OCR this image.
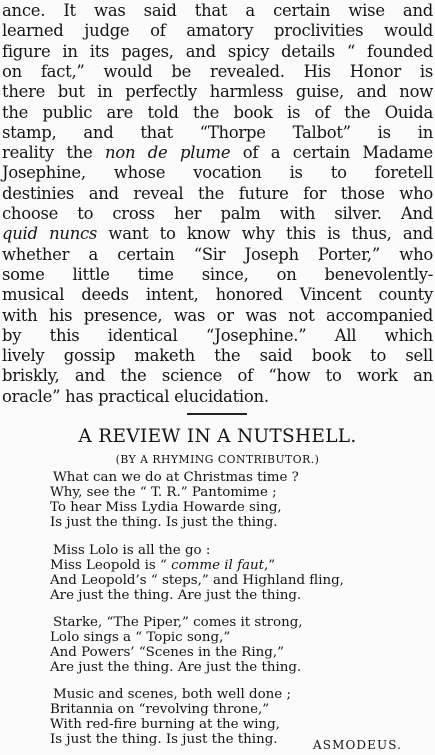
ance. It was said that a certain wise and

learned judge of amatory proclivities would

figure in its pages, and spicy details “ founded

on fact,” would be revealed. His Honor is

there but in perfectly harmless guise, and now

the public are told the book is of the Ouida

stamp, and that “Thorpe Talbot” is in

reality the non de plume of a certain Madame

Josephine, whose vocation is to foretell

destinies and reveal the future for those who

choose to cross her palm with silver. And

quid nuncs want to know why this is thus, and

whether a certain “Sir Joseph Porter,” who

some little time since, on benevolently-

musical deeds intent, honored Vincent county

with his presence, was or was not accompanied

by this identical “Josephine.” All which

lively gossip maketh the said book to sell

briskly, and the science of “how to work an

oracle” has practical elucidation.

A REVIEW IN A NUTSHELL.

(BY A RHYMING CONTRIBUTOR.)

What can we do at Christmas time ?

Why, see the “ T. R.” Pantomime ;

To hear Miss Lydia Howarde sing,

Is just the thing. Is just the thing.

Miss Lolo is all the go :

Miss Leopold is “ comme il faut,”

And Leopold’s “ steps,” and Highland fling,

Are just the thing. Are just the thing.

Starke, “The Piper,” comes it strong,

Lolo sings a “ Topic song,”

And Powers’ “Scenes in the Ring,”

Are just the thing. Are just the thing.

Music and scenes, both well done ;

Britannia on “revolving throne,”

With red-fire burning at the wing,

Is just the thing. Is just the thing.	ASMODEUS.
